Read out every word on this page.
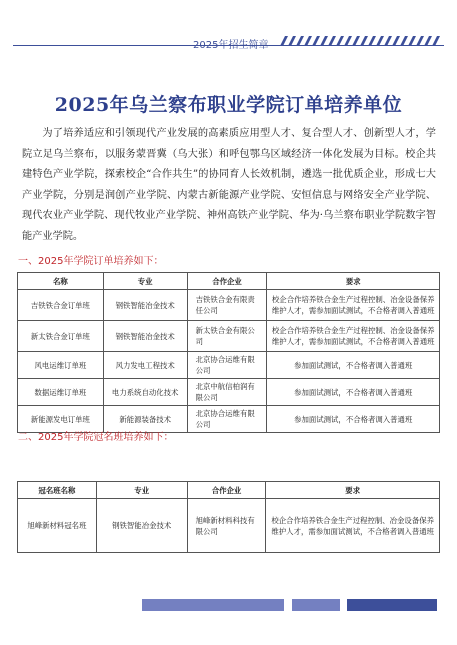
2025年招生简章
2025年乌兰察布职业学院订单培养单位

为了培养适应和引领现代产业发展的高素质应用型人才、复合型人才、创新型人才，学院立足乌兰察布，以服务蒙晋冀（乌大张）和呼包鄂乌区域经济一体化发展为目标。校企共建特色产业学院，探索校企“合作共生”的协同育人长效机制，遴选一批优质企业，形成七大产业学院，分别是润创产业学院、内蒙古新能源产业学院、安恒信息与网络安全产业学院、现代农业产业学院、现代牧业产业学院、神州高铁产业学院、华为·乌兰察布职业学院数字智能产业学院。

一、2025年学院订单培养如下：
名称	专业	合作企业	要求
吉铁铁合金订单班	钢铁智能冶金技术	吉铁铁合金有限责任公司	校企合作培养铁合金生产过程控制、冶金设备保养维护人才，需参加面试测试，不合格者调入普通班
新太铁合金订单班	钢铁智能冶金技术	新太铁合金有限公司	校企合作培养铁合金生产过程控制、冶金设备保养维护人才，需参加面试测试，不合格者调入普通班
风电运维订单班	风力发电工程技术	北京协合运维有限公司	参加面试测试，不合格者调入普通班
数据运维订单班	电力系统自动化技术	北京中航信柏润有限公司	参加面试测试，不合格者调入普通班
新能源发电订单班	新能源装备技术	北京协合运维有限公司	参加面试测试，不合格者调入普通班
二、2025年学院冠名班培养如下：
冠名班名称	专业	合作企业	要求
旭峰新材料冠名班	钢铁智能冶金技术	旭峰新材料科技有限公司	校企合作培养铁合金生产过程控制、冶金设备保养维护人才，需参加面试测试，不合格者调入普通班
